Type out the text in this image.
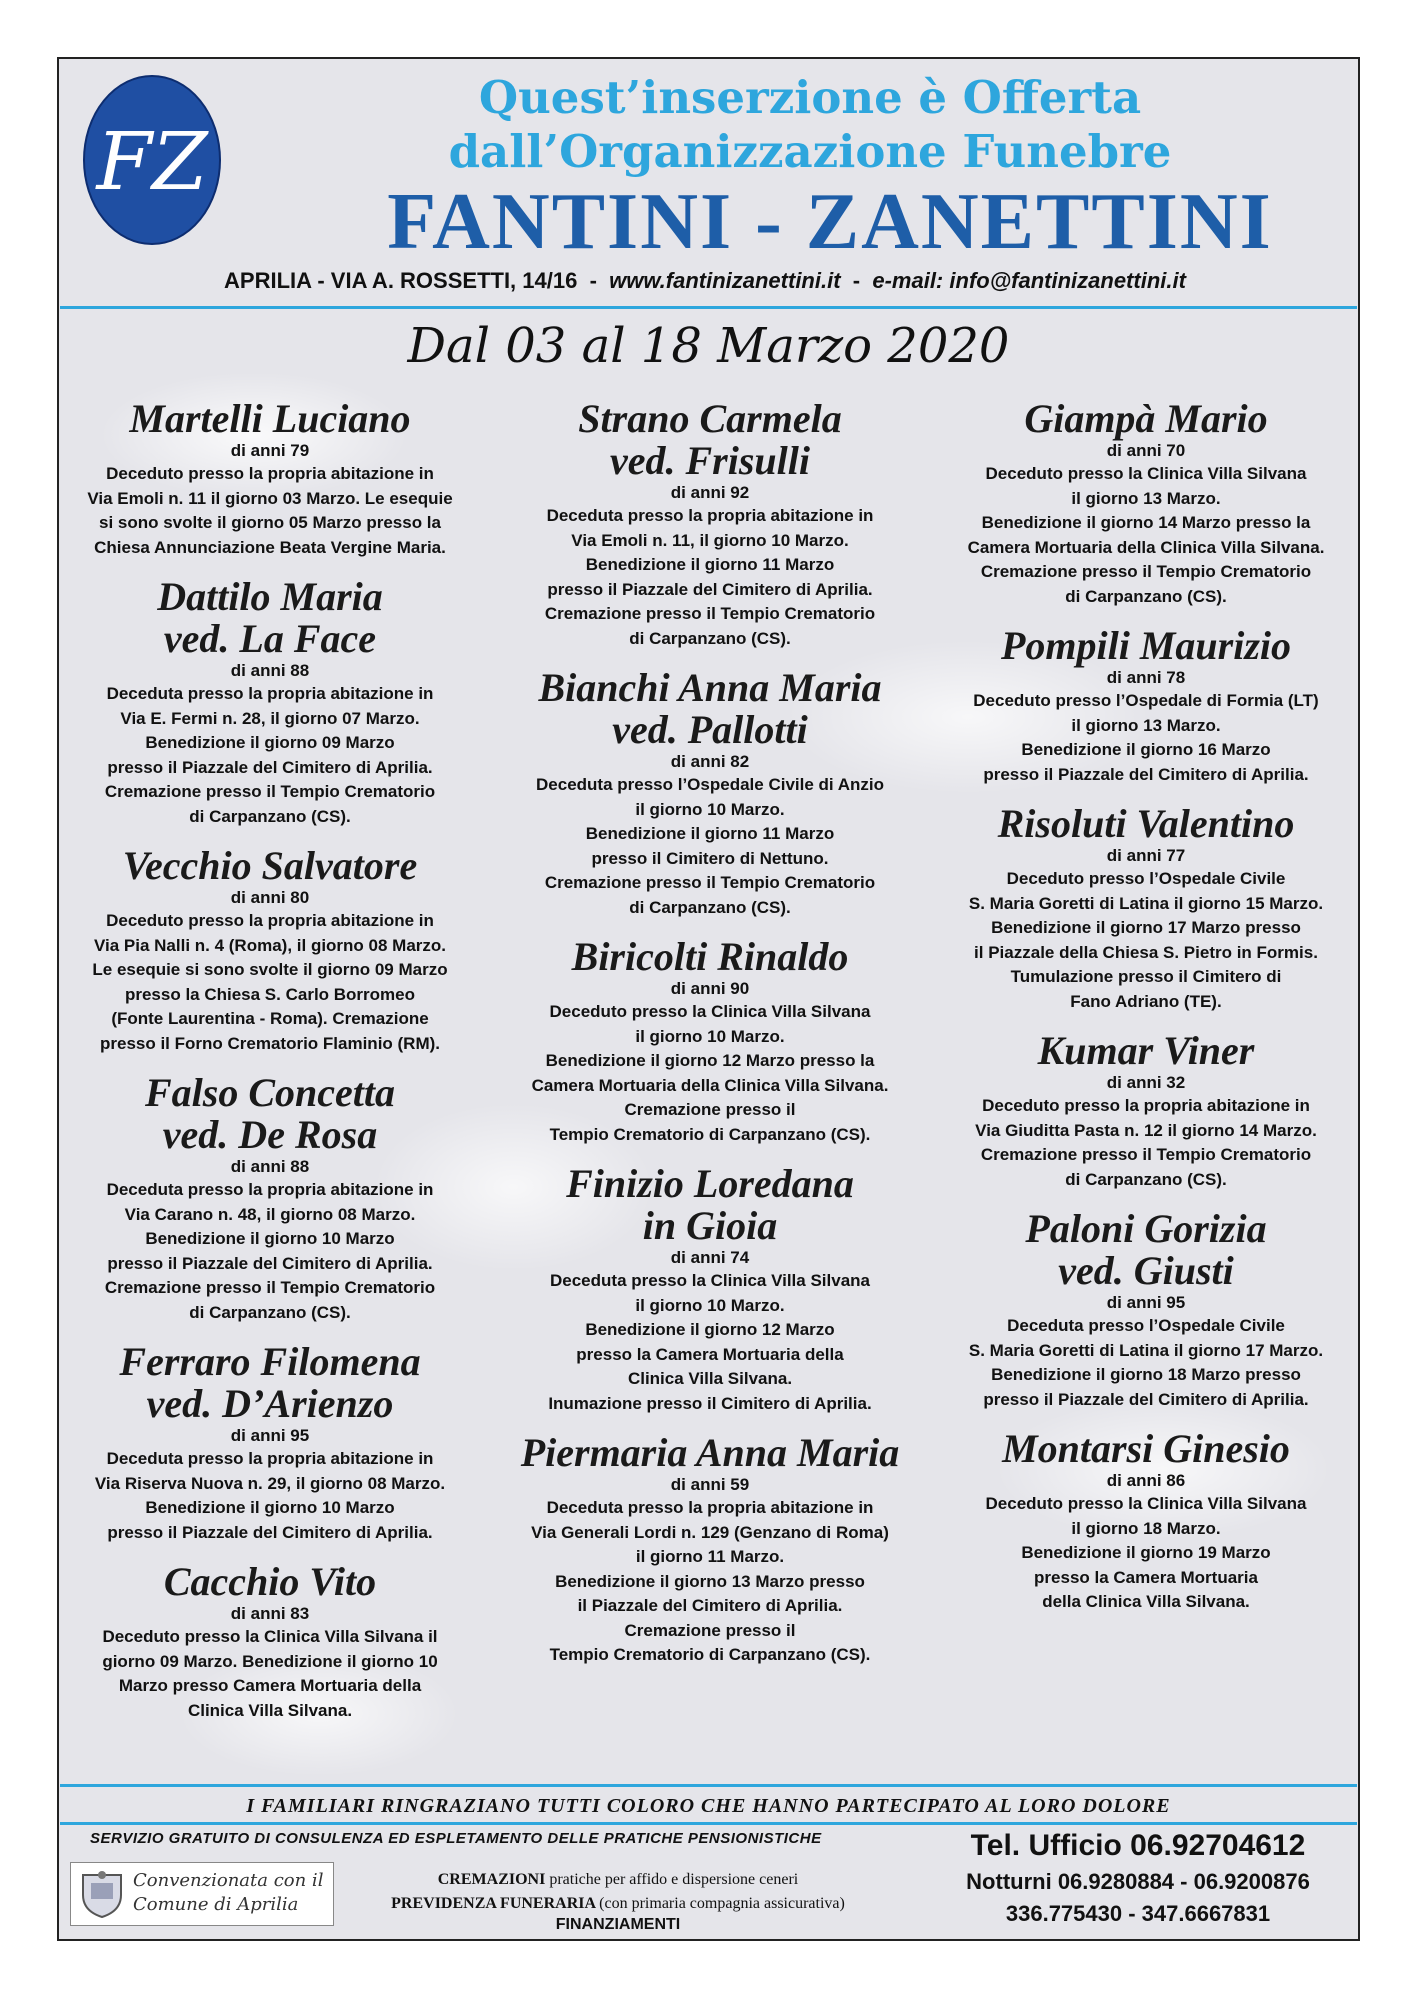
FZ
Quest’inserzione è Offerta
dall’Organizzazione Funebre
FANTINI - ZANETTINI
APRILIA - VIA A. ROSSETTI, 14/16 - www.fantinizanettini.it - e-mail: info@fantinizanettini.it
Dal 03 al 18 Marzo 2020
Martelli Luciano
di anni 79
Deceduto presso la propria abitazione in
Via Emoli n. 11 il giorno 03 Marzo. Le esequie
si sono svolte il giorno 05 Marzo presso la
Chiesa Annunciazione Beata Vergine Maria.
Dattilo Maria
ved. La Face
di anni 88
Deceduta presso la propria abitazione in
Via E. Fermi n. 28, il giorno 07 Marzo.
Benedizione il giorno 09 Marzo
presso il Piazzale del Cimitero di Aprilia.
Cremazione presso il Tempio Crematorio
di Carpanzano (CS).
Vecchio Salvatore
di anni 80
Deceduto presso la propria abitazione in
Via Pia Nalli n. 4 (Roma), il giorno 08 Marzo.
Le esequie si sono svolte il giorno 09 Marzo
presso la Chiesa S. Carlo Borromeo
(Fonte Laurentina - Roma). Cremazione
presso il Forno Crematorio Flaminio (RM).
Falso Concetta
ved. De Rosa
di anni 88
Deceduta presso la propria abitazione in
Via Carano n. 48, il giorno 08 Marzo.
Benedizione il giorno 10 Marzo
presso il Piazzale del Cimitero di Aprilia.
Cremazione presso il Tempio Crematorio
di Carpanzano (CS).
Ferraro Filomena
ved. D’Arienzo
di anni 95
Deceduta presso la propria abitazione in
Via Riserva Nuova n. 29, il giorno 08 Marzo.
Benedizione il giorno 10 Marzo
presso il Piazzale del Cimitero di Aprilia.
Cacchio Vito
di anni 83
Deceduto presso la Clinica Villa Silvana il
giorno 09 Marzo. Benedizione il giorno 10
Marzo presso Camera Mortuaria della
Clinica Villa Silvana.
Strano Carmela
ved. Frisulli
di anni 92
Deceduta presso la propria abitazione in
Via Emoli n. 11, il giorno 10 Marzo.
Benedizione il giorno 11 Marzo
presso il Piazzale del Cimitero di Aprilia.
Cremazione presso il Tempio Crematorio
di Carpanzano (CS).
Bianchi Anna Maria
ved. Pallotti
di anni 82
Deceduta presso l’Ospedale Civile di Anzio
il giorno 10 Marzo.
Benedizione il giorno 11 Marzo
presso il Cimitero di Nettuno.
Cremazione presso il Tempio Crematorio
di Carpanzano (CS).
Biricolti Rinaldo
di anni 90
Deceduto presso la Clinica Villa Silvana
il giorno 10 Marzo.
Benedizione il giorno 12 Marzo presso la
Camera Mortuaria della Clinica Villa Silvana.
Cremazione presso il
Tempio Crematorio di Carpanzano (CS).
Finizio Loredana
in Gioia
di anni 74
Deceduta presso la Clinica Villa Silvana
il giorno 10 Marzo.
Benedizione il giorno 12 Marzo
presso la Camera Mortuaria della
Clinica Villa Silvana.
Inumazione presso il Cimitero di Aprilia.
Piermaria Anna Maria
di anni 59
Deceduta presso la propria abitazione in
Via Generali Lordi n. 129 (Genzano di Roma)
il giorno 11 Marzo.
Benedizione il giorno 13 Marzo presso
il Piazzale del Cimitero di Aprilia.
Cremazione presso il
Tempio Crematorio di Carpanzano (CS).
Giampà Mario
di anni 70
Deceduto presso la Clinica Villa Silvana
il giorno 13 Marzo.
Benedizione il giorno 14 Marzo presso la
Camera Mortuaria della Clinica Villa Silvana.
Cremazione presso il Tempio Crematorio
di Carpanzano (CS).
Pompili Maurizio
di anni 78
Deceduto presso l’Ospedale di Formia (LT)
il giorno 13 Marzo.
Benedizione il giorno 16 Marzo
presso il Piazzale del Cimitero di Aprilia.
Risoluti Valentino
di anni 77
Deceduto presso l’Ospedale Civile
S. Maria Goretti di Latina il giorno 15 Marzo.
Benedizione il giorno 17 Marzo presso
il Piazzale della Chiesa S. Pietro in Formis.
Tumulazione presso il Cimitero di
Fano Adriano (TE).
Kumar Viner
di anni 32
Deceduto presso la propria abitazione in
Via Giuditta Pasta n. 12 il giorno 14 Marzo.
Cremazione presso il Tempio Crematorio
di Carpanzano (CS).
Paloni Gorizia
ved. Giusti
di anni 95
Deceduta presso l’Ospedale Civile
S. Maria Goretti di Latina il giorno 17 Marzo.
Benedizione il giorno 18 Marzo presso
presso il Piazzale del Cimitero di Aprilia.
Montarsi Ginesio
di anni 86
Deceduto presso la Clinica Villa Silvana
il giorno 18 Marzo.
Benedizione il giorno 19 Marzo
presso la Camera Mortuaria
della Clinica Villa Silvana.
I FAMILIARI RINGRAZIANO TUTTI COLORO CHE HANNO PARTECIPATO AL LORO DOLORE
SERVIZIO GRATUITO DI CONSULENZA ED ESPLETAMENTO DELLE PRATICHE PENSIONISTICHE
Convenzionata con il
Comune di Aprilia
CREMAZIONI pratiche per affido e dispersione ceneri
PREVIDENZA FUNERARIA (con primaria compagnia assicurativa)
FINANZIAMENTI
Tel. Ufficio 06.92704612
Notturni 06.9280884 - 06.9200876
336.775430 - 347.6667831
